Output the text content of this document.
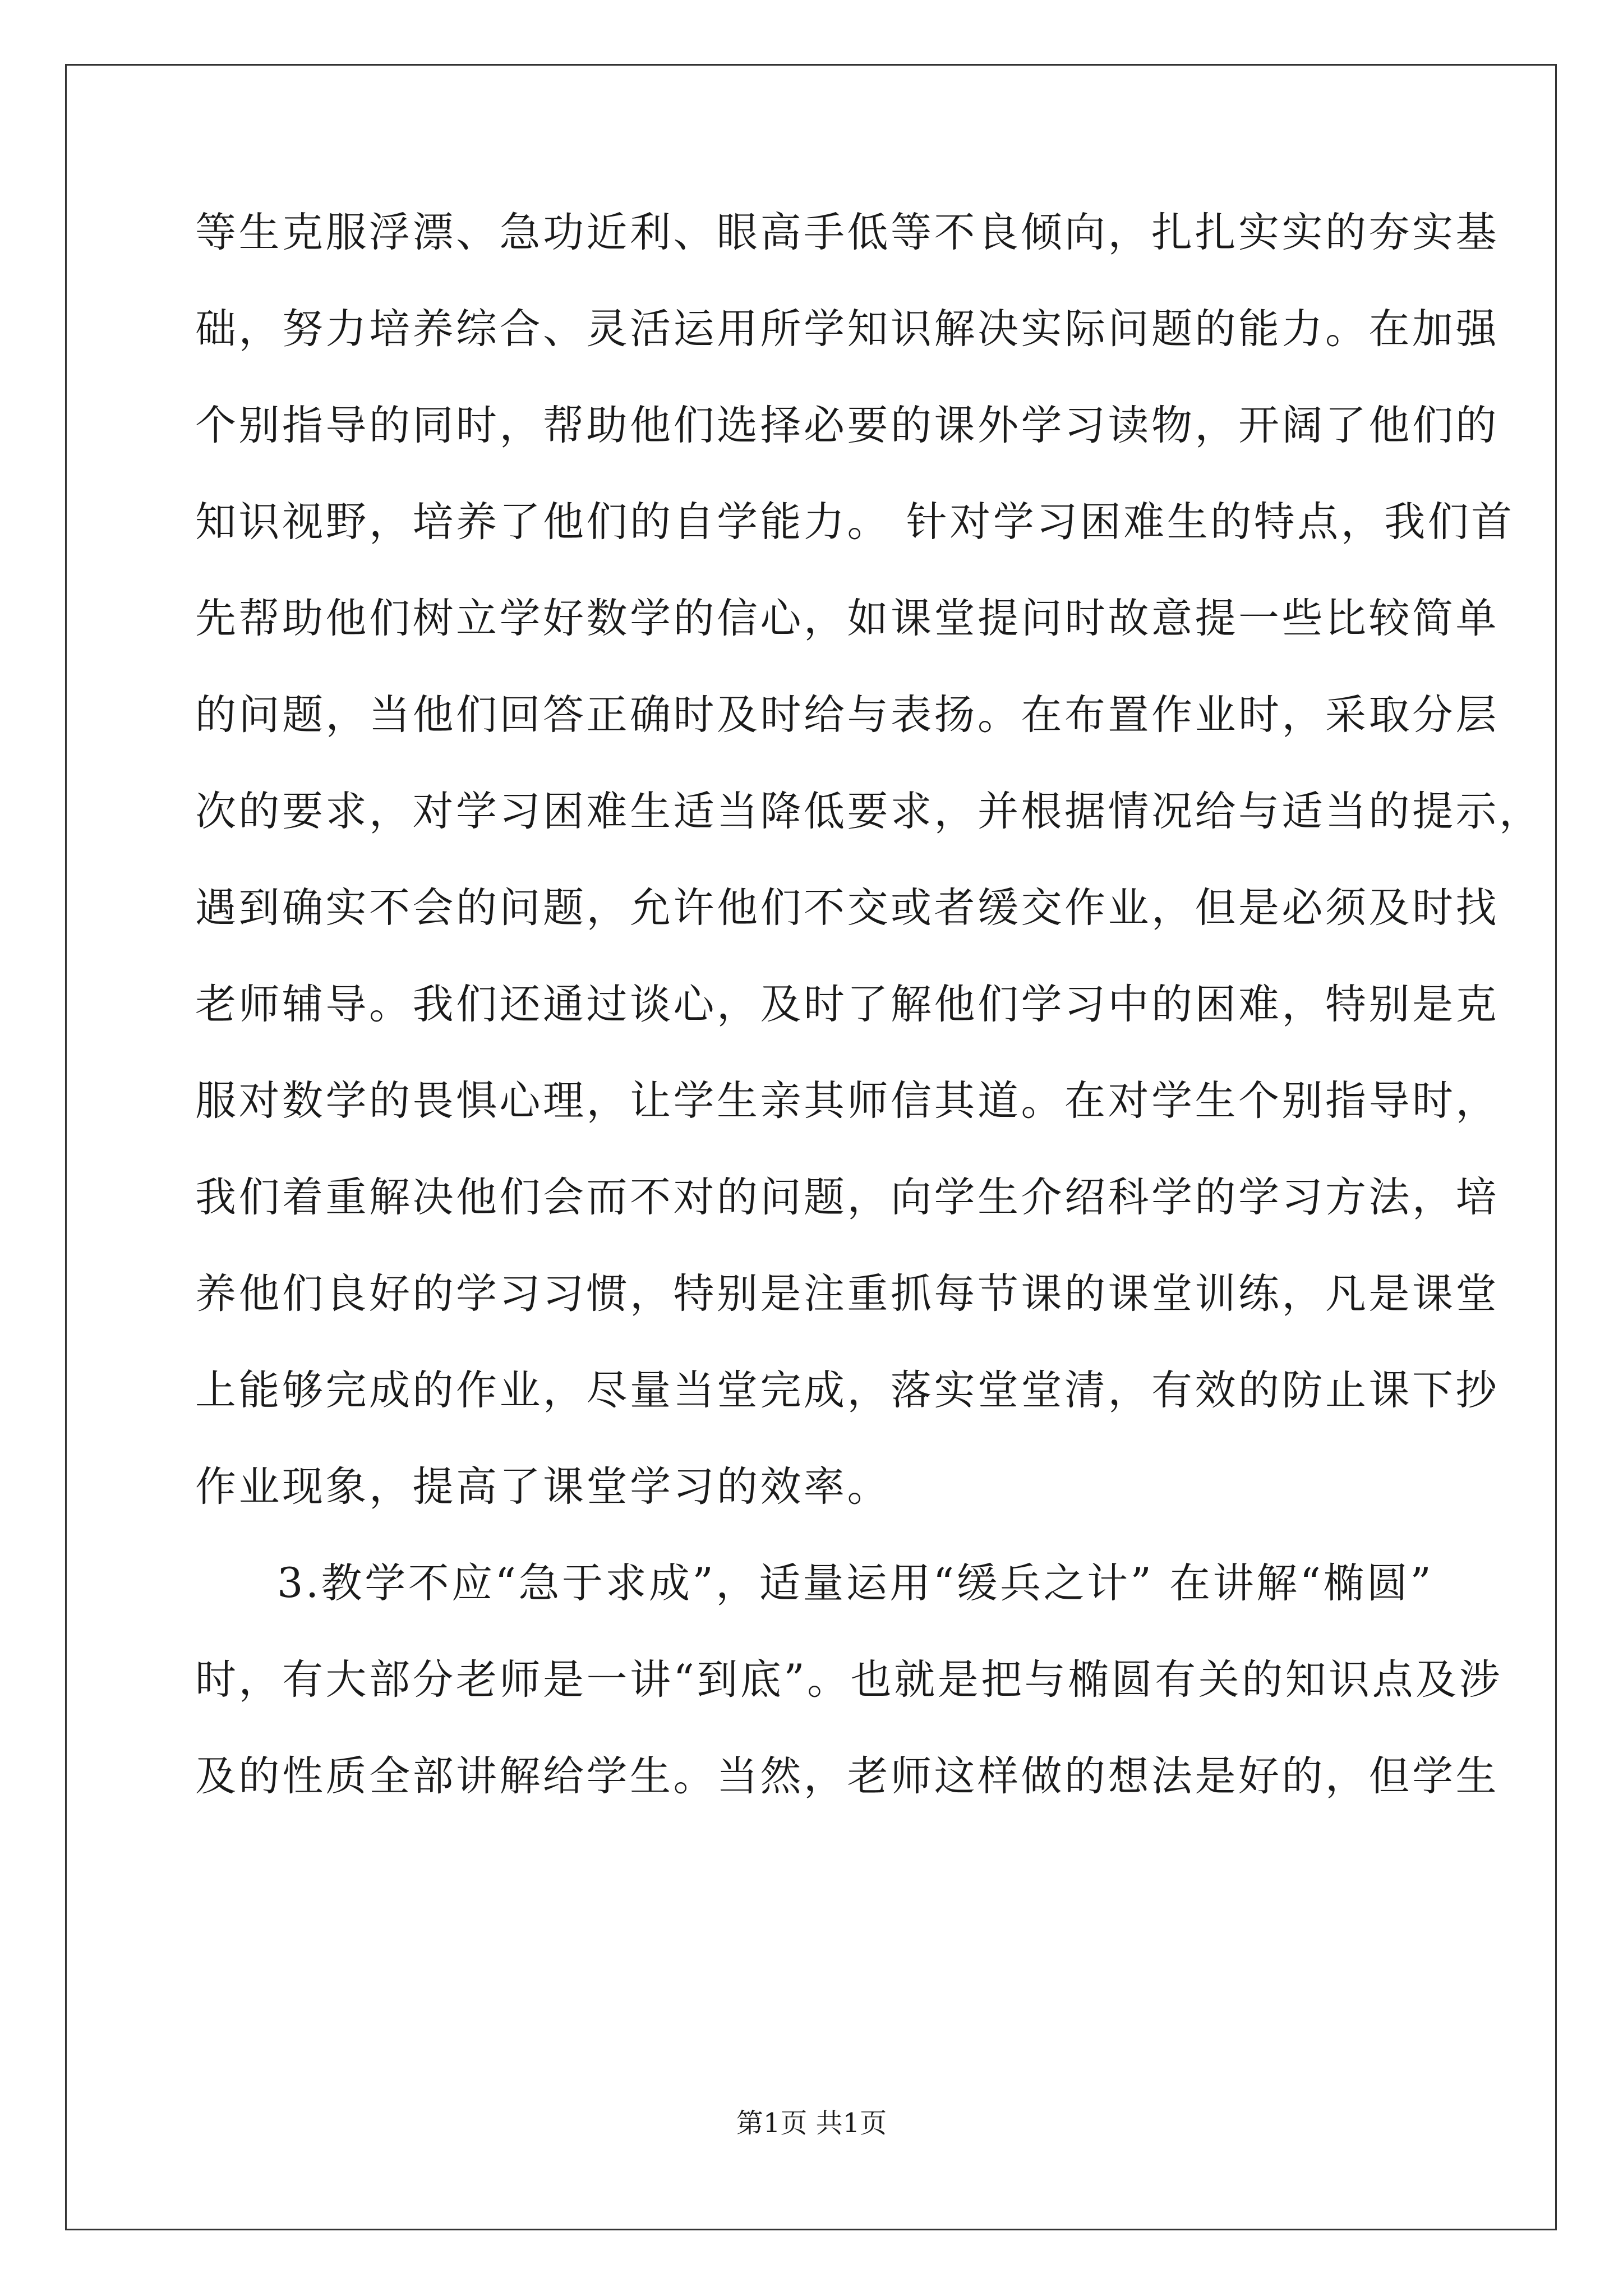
等生克服浮漂、急功近利、眼高手低等不良倾向，扎扎实实的夯实基
础，努力培养综合、灵活运用所学知识解决实际问题的能力。在加强
个别指导的同时，帮助他们选择必要的课外学习读物，开阔了他们的
知识视野，培养了他们的自学能力。 针对学习困难生的特点，我们首
先帮助他们树立学好数学的信心，如课堂提问时故意提一些比较简单
的问题，当他们回答正确时及时给与表扬。在布置作业时，采取分层
次的要求，对学习困难生适当降低要求，并根据情况给与适当的提示，
遇到确实不会的问题，允许他们不交或者缓交作业，但是必须及时找
老师辅导。我们还通过谈心，及时了解他们学习中的困难，特别是克
服对数学的畏惧心理，让学生亲其师信其道。在对学生个别指导时，
我们着重解决他们会而不对的问题，向学生介绍科学的学习方法，培
养他们良好的学习习惯，特别是注重抓每节课的课堂训练，凡是课堂
上能够完成的作业，尽量当堂完成，落实堂堂清，有效的防止课下抄
作业现象，提高了课堂学习的效率。
3.教学不应“急于求成”，适量运用“缓兵之计” 在讲解“椭圆”
时，有大部分老师是一讲“到底”。也就是把与椭圆有关的知识点及涉
及的性质全部讲解给学生。当然，老师这样做的想法是好的，但学生
第1页 共1页
